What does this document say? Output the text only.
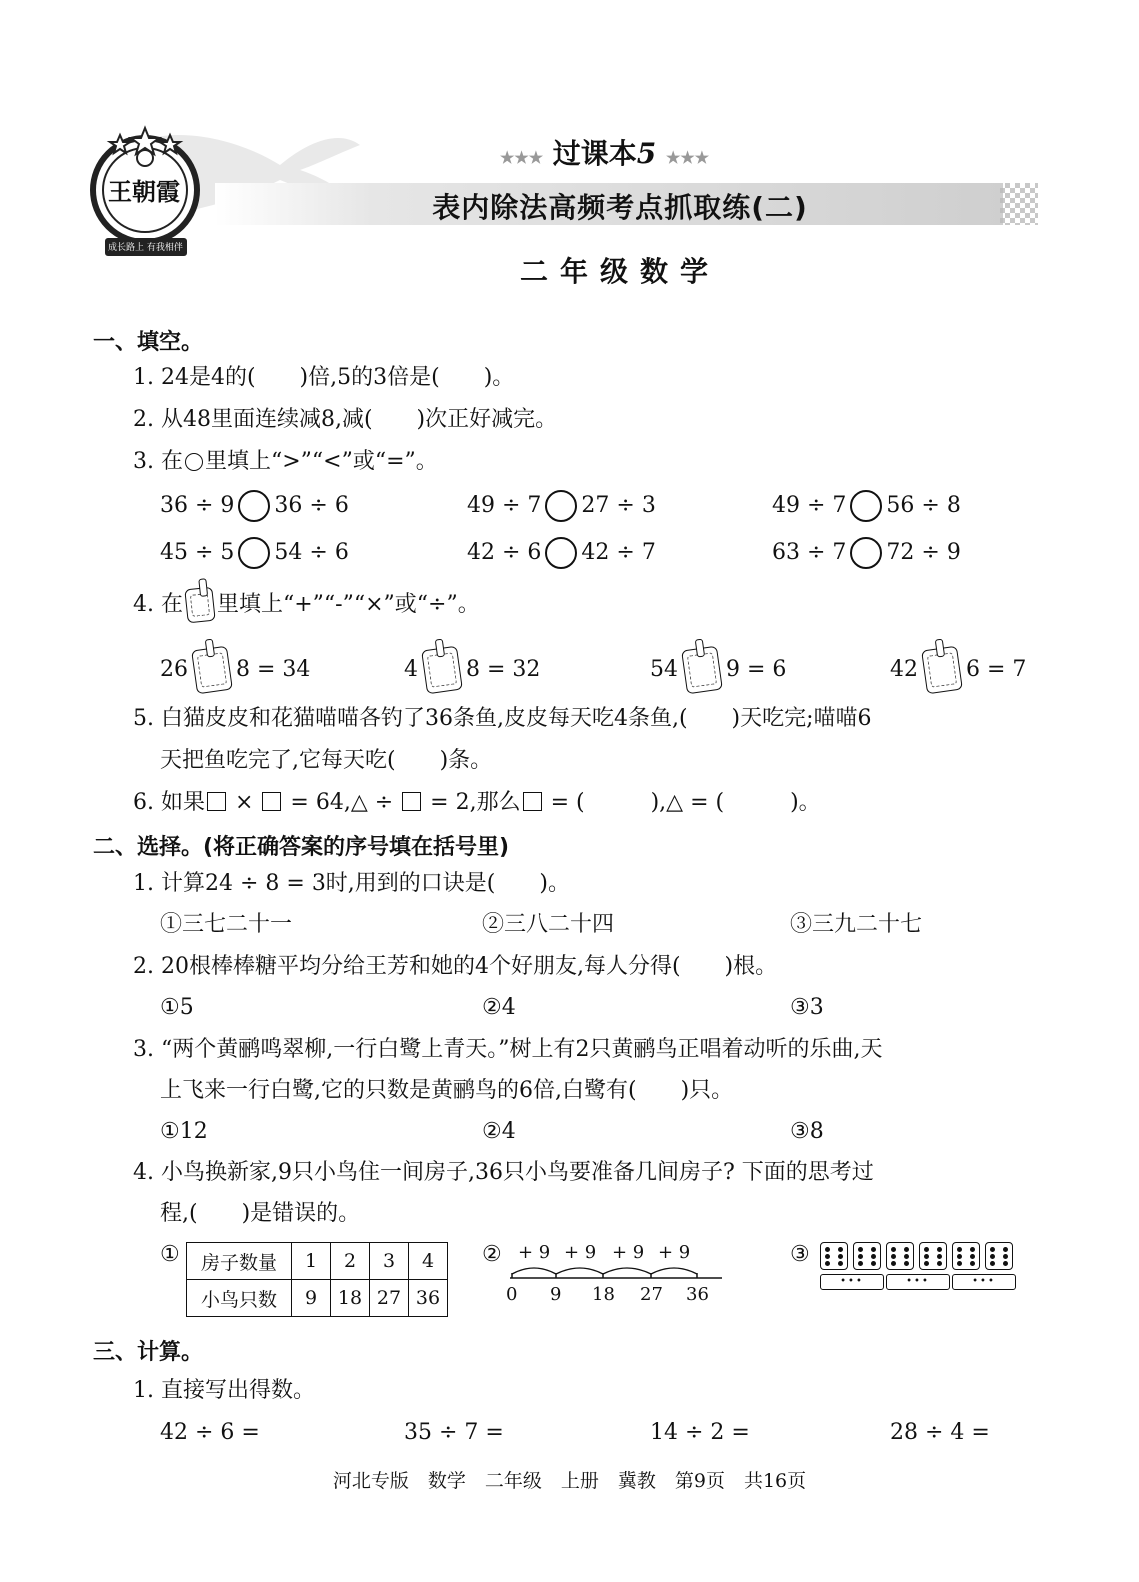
王朝霞
成长路上 有我相伴
★★★ 过课本5 ★★★
表内除法高频考点抓取练(二)
二年级数学
一、填空。
1. 24是4的(　　)倍,5的3倍是(　　)。
2. 从48里面连续减8,减(　　)次正好减完。
3. 在 里填上“>”“<”或“=”。
36 ÷ 9 36 ÷ 6	49 ÷ 7 27 ÷ 3	49 ÷ 7 56 ÷ 8
45 ÷ 5 54 ÷ 6	42 ÷ 6 42 ÷ 7	63 ÷ 7 72 ÷ 9
4. 在 里填上“+”“-”“×”或“÷”。
26 8 = 34	4 8 = 32	54 9 = 6	42 6 = 7
5. 白猫皮皮和花猫喵喵各钓了36条鱼,皮皮每天吃4条鱼,(　　)天吃完;喵喵6
天把鱼吃完了,它每天吃(　　)条。
6. 如果 ×  = 64,△ ÷  = 2,那么 = (　　　),△ = (　　　)。
二、选择。(将正确答案的序号填在括号里)
1. 计算24 ÷ 8 = 3时,用到的口诀是(　　)。
①三七二十一	②三八二十四	③三九二十七
2. 20根棒棒糖平均分给王芳和她的4个好朋友,每人分得(　　)根。
①5	②4	③3
3. “两个黄鹂鸣翠柳,一行白鹭上青天。”树上有2只黄鹂鸟正唱着动听的乐曲,天
上飞来一行白鹭,它的只数是黄鹂鸟的6倍,白鹭有(　　)只。
①12	②4	③8
4. 小鸟换新家,9只小鸟住一间房子,36只小鸟要准备几间房子? 下面的思考过
程,(　　)是错误的。
① 房子数量	1	2	3	4
小鸟只数	9	18	27	36
② + 9 + 9 + 9 + 9
0 9 18 27 36
③
•••	•••	•••
三、计算。
1. 直接写出得数。
42 ÷ 6 =	35 ÷ 7 =	14 ÷ 2 =	28 ÷ 4 =
河北专版　数学　二年级　上册　冀教　第9页　共16页
